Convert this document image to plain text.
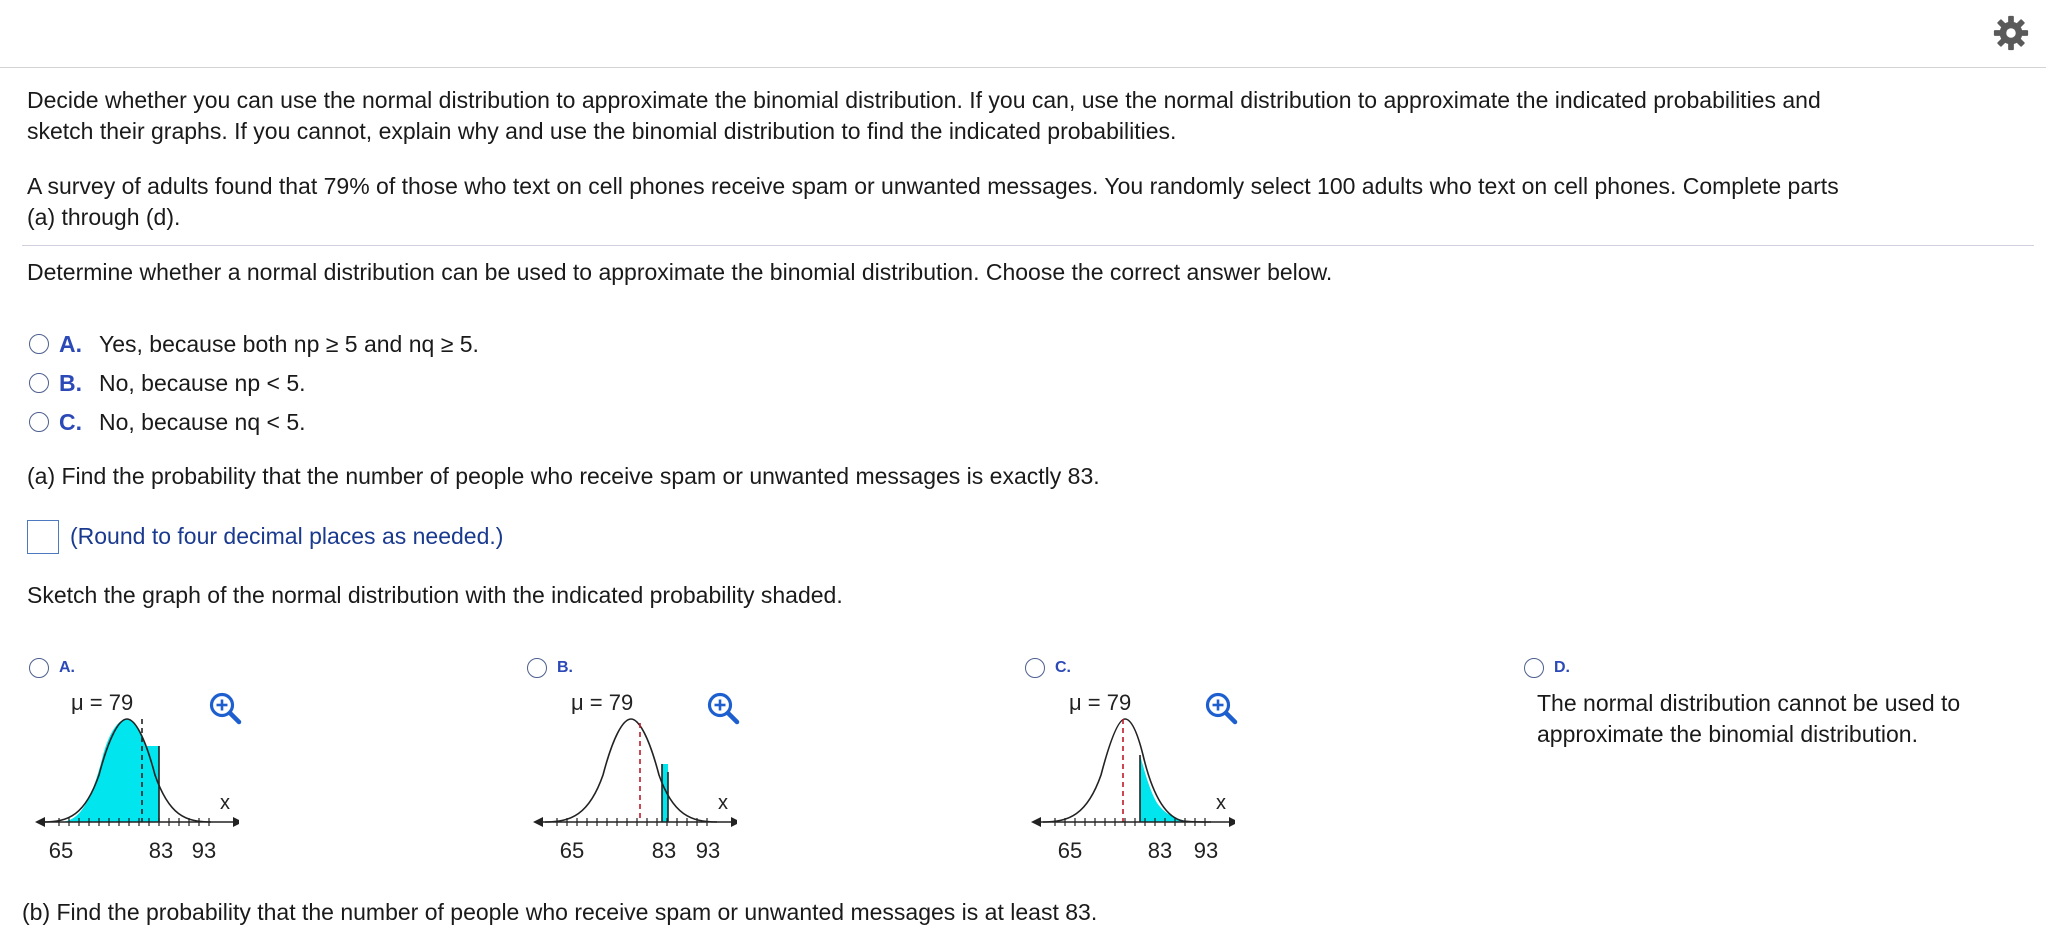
Decide whether you can use the normal distribution to approximate the binomial distribution. If you can, use the normal distribution to approximate the indicated probabilities and
sketch their graphs. If you cannot, explain why and use the binomial distribution to find the indicated probabilities.
A survey of adults found that 79% of those who text on cell phones receive spam or unwanted messages. You randomly select 100 adults who text on cell phones. Complete parts
(a) through (d).
Determine whether a normal distribution can be used to approximate the binomial distribution. Choose the correct answer below.
A. Yes, because both np ≥ 5 and nq ≥ 5.
B. No, because np < 5.
C. No, because nq < 5.
(a) Find the probability that the number of people who receive spam or unwanted messages is exactly 83.
(Round to four decimal places as needed.)
Sketch the graph of the normal distribution with the indicated probability shaded.
A.
μ = 79
x
65	83 93
B.
μ = 79
x
65	83 93
C.
μ = 79
x
65	83 93
D.
The normal distribution cannot be used to
approximate the binomial distribution.
(b) Find the probability that the number of people who receive spam or unwanted messages is at least 83.
